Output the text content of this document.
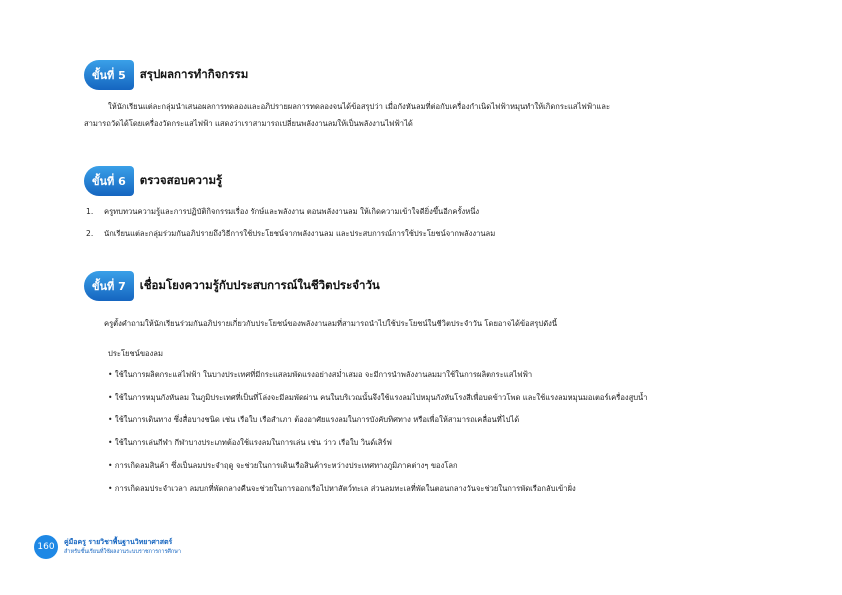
ขั้นที่ 5	สรุปผลการทำกิจกรรม
ให้นักเรียนแต่ละกลุ่มนำเสนอผลการทดลองและอภิปรายผลการทดลองจนได้ข้อสรุปว่า เมื่อกังหันลมที่ต่อกับเครื่องกำเนิดไฟฟ้าหมุนทำให้เกิดกระแสไฟฟ้าและ
สามารถวัดได้โดยเครื่องวัดกระแสไฟฟ้า แสดงว่าเราสามารถเปลี่ยนพลังงานลมให้เป็นพลังงานไฟฟ้าได้
ขั้นที่ 6	ตรวจสอบความรู้
1. ครูทบทวนความรู้และการปฏิบัติกิจกรรมเรื่อง รักษ์และพลังงาน ตอนพลังงานลม ให้เกิดความเข้าใจดียิ่งขึ้นอีกครั้งหนึ่ง
2. นักเรียนแต่ละกลุ่มร่วมกันอภิปรายถึงวิธีการใช้ประโยชน์จากพลังงานลม และประสบการณ์การใช้ประโยชน์จากพลังงานลม
ขั้นที่ 7	เชื่อมโยงความรู้กับประสบการณ์ในชีวิตประจำวัน
ครูตั้งคำถามให้นักเรียนร่วมกันอภิปรายเกี่ยวกับประโยชน์ของพลังงานลมที่สามารถนำไปใช้ประโยชน์ในชีวิตประจำวัน โดยอาจได้ข้อสรุปดังนี้
ประโยชน์ของลม
• ใช้ในการผลิตกระแสไฟฟ้า ในบางประเทศที่มีกระแสลมพัดแรงอย่างสม่ำเสมอ จะมีการนำพลังงานลมมาใช้ในการผลิตกระแสไฟฟ้า
• ใช้ในการหมุนกังหันลม ในภูมิประเทศที่เป็นที่โล่งจะมีลมพัดผ่าน คนในบริเวณนั้นจึงใช้แรงลมไปหมุนกังหันโรงสีเพื่อบดข้าวโพด และใช้แรงลมหมุนมอเตอร์เครื่องสูบน้ำ
• ใช้ในการเดินทาง ซึ่งสื่อบางชนิด เช่น เรือใบ เรือสำเภา ต้องอาศัยแรงลมในการบังคับทิศทาง หรือเพื่อให้สามารถเคลื่อนที่ไปได้
• ใช้ในการเล่นกีฬา กีฬาบางประเภทต้องใช้แรงลมในการเล่น เช่น ว่าว เรือใบ วินด์เสิร์ฟ
• การเกิดลมสินค้า ซึ่งเป็นลมประจำฤดู จะช่วยในการเดินเรือสินค้าระหว่างประเทศทางภูมิภาคต่างๆ ของโลก
• การเกิดลมประจำเวลา ลมบกที่พัดกลางคืนจะช่วยในการออกเรือไปหาสัตว์ทะเล ส่วนลมทะเลที่พัดในตอนกลางวันจะช่วยในการพัดเรือกลับเข้าฝั่ง
160	คู่มือครู รายวิชาพื้นฐานวิทยาศาสตร์
สำหรับชั้นเรียนที่ใช้ผลงานระบบราชการการศึกษา
